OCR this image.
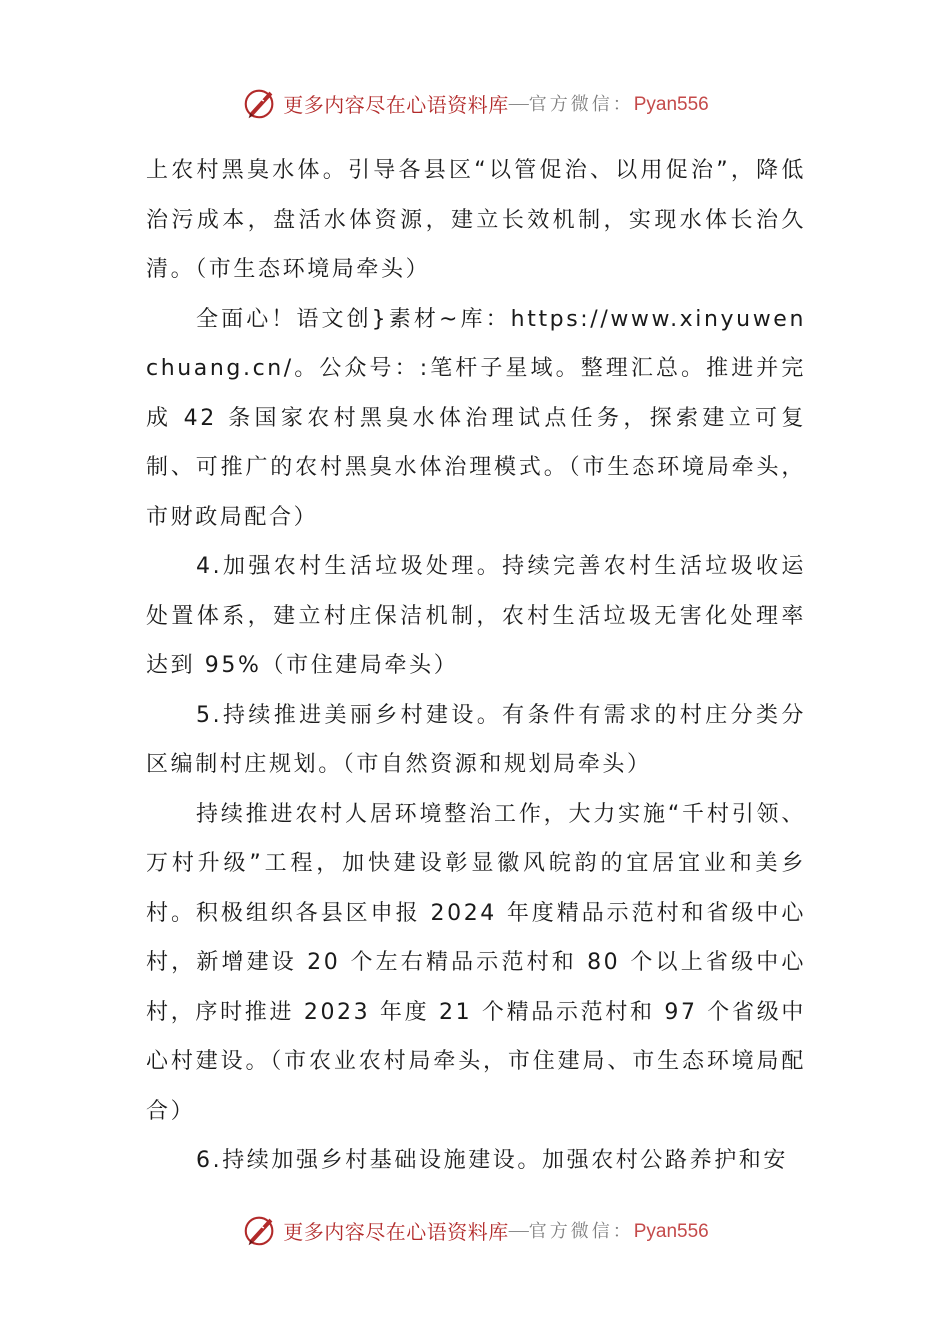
更多内容尽在心语资料库 — 官方微信：Pyan556

上农村黑臭水体。引导各县区“以管促治、以用促治”，降低治污成本，盘活水体资源，建立长效机制，实现水体长治久清。（市生态环境局牵头）

全面心！语文创}素材~库：https://www.xinyuwenchuang.cn/。公众号：:笔杆子星域。整理汇总。推进并完成 42 条国家农村黑臭水体治理试点任务，探索建立可复制、可推广的农村黑臭水体治理模式。（市生态环境局牵头，市财政局配合）

4.加强农村生活垃圾处理。持续完善农村生活垃圾收运处置体系，建立村庄保洁机制，农村生活垃圾无害化处理率达到 95%（市住建局牵头）

5.持续推进美丽乡村建设。有条件有需求的村庄分类分区编制村庄规划。（市自然资源和规划局牵头）

持续推进农村人居环境整治工作，大力实施“千村引领、万村升级”工程，加快建设彰显徽风皖韵的宜居宜业和美乡村。积极组织各县区申报 2024 年度精品示范村和省级中心村，新增建设 20 个左右精品示范村和 80 个以上省级中心村，序时推进 2023 年度 21 个精品示范村和 97 个省级中心村建设。（市农业农村局牵头，市住建局、市生态环境局配合）

6.持续加强乡村基础设施建设。加强农村公路养护和安

更多内容尽在心语资料库 — 官方微信：Pyan556
